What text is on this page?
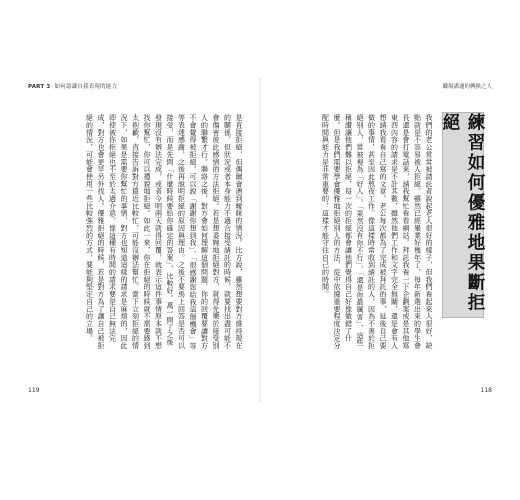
PART 3 如何認識自我表現的能力	職場溝通的轉換之人

是直接拒絕，但偶爾會遇到曖昧的情況。比方說，雖然想要對方維持現在的關係，但狀況或者本身能力不適合接受請託的時候，就要找出盡可能不會傷害彼此感情的方法拒絕。若是想委婉地拒絕對方，就得先樂於接受別人的聯繫才行。聯絡之後，對方會如何理解這個問題，你的回覆要讓對方不會覺得被拒絕。可以說「謝謝你想到我」、「很感謝您給我這個機會」等等表達感謝，之後再說明拒絕的原因與理由。之後不要馬上回答是否可以接受，而是先問「什麼時候要給你確定的答案」，比較好。萬一問了之後發現沒有辦法完成，或者今明兩天就得回覆，就表示這件事情原本就不想找你幫忙，你可以禮貌地拒絕。如此一來，你在拒絕的時候就不需要感到太抱歉，直接告訴對方最近比較忙，可能沒辦法幫忙。當下立刻拒絕的情況下，如果是需要你幫忙的事情，對方也知道這樣的請求是麻煩的，因此即使被你拒絕也不至於太過介意。像這種有時間的請求要是自己無法完成，對方也會更早另外找人。優雅拒絕的時候，若是對方為了讓自己被拒絕的情況，可能會使用一些比較強烈的方式，要能夠堅定自己的立場。	我們的老公常常被請託者說起老人很好的樣子，但我們看起來人很好，缺點就是不容易被人拒絕。雖然已經畢業好幾年了，每年新選出來的學生會長還是會打電話來，請我幫忙看看網站。拜託我看一下企劃案或是其他寫東西內容的請求是不計其數，雖然他們工作和文字完全無關，還是會有人想請我看看自己寫的文章。老公每次都為了完成被拜託的事，延後自己要做的事情，甚至因此熬夜工作。像這樣時常收到請託的人，因為不善於拒絕別人，常被視為「好人」。「果然沒有你不行」、「還是你最厲害」，這些稱讚讓他們難以拒絕，每一次的拒絕都會讓他們覺得自己好像做錯了什麼。但是我們需要學會優雅地拒絕別人的方法，從中依據重要程度決定分配時間與能力是非常重要的，這樣才能守住自己的時間。	練習如何優雅地果斷拒絕
119	118
